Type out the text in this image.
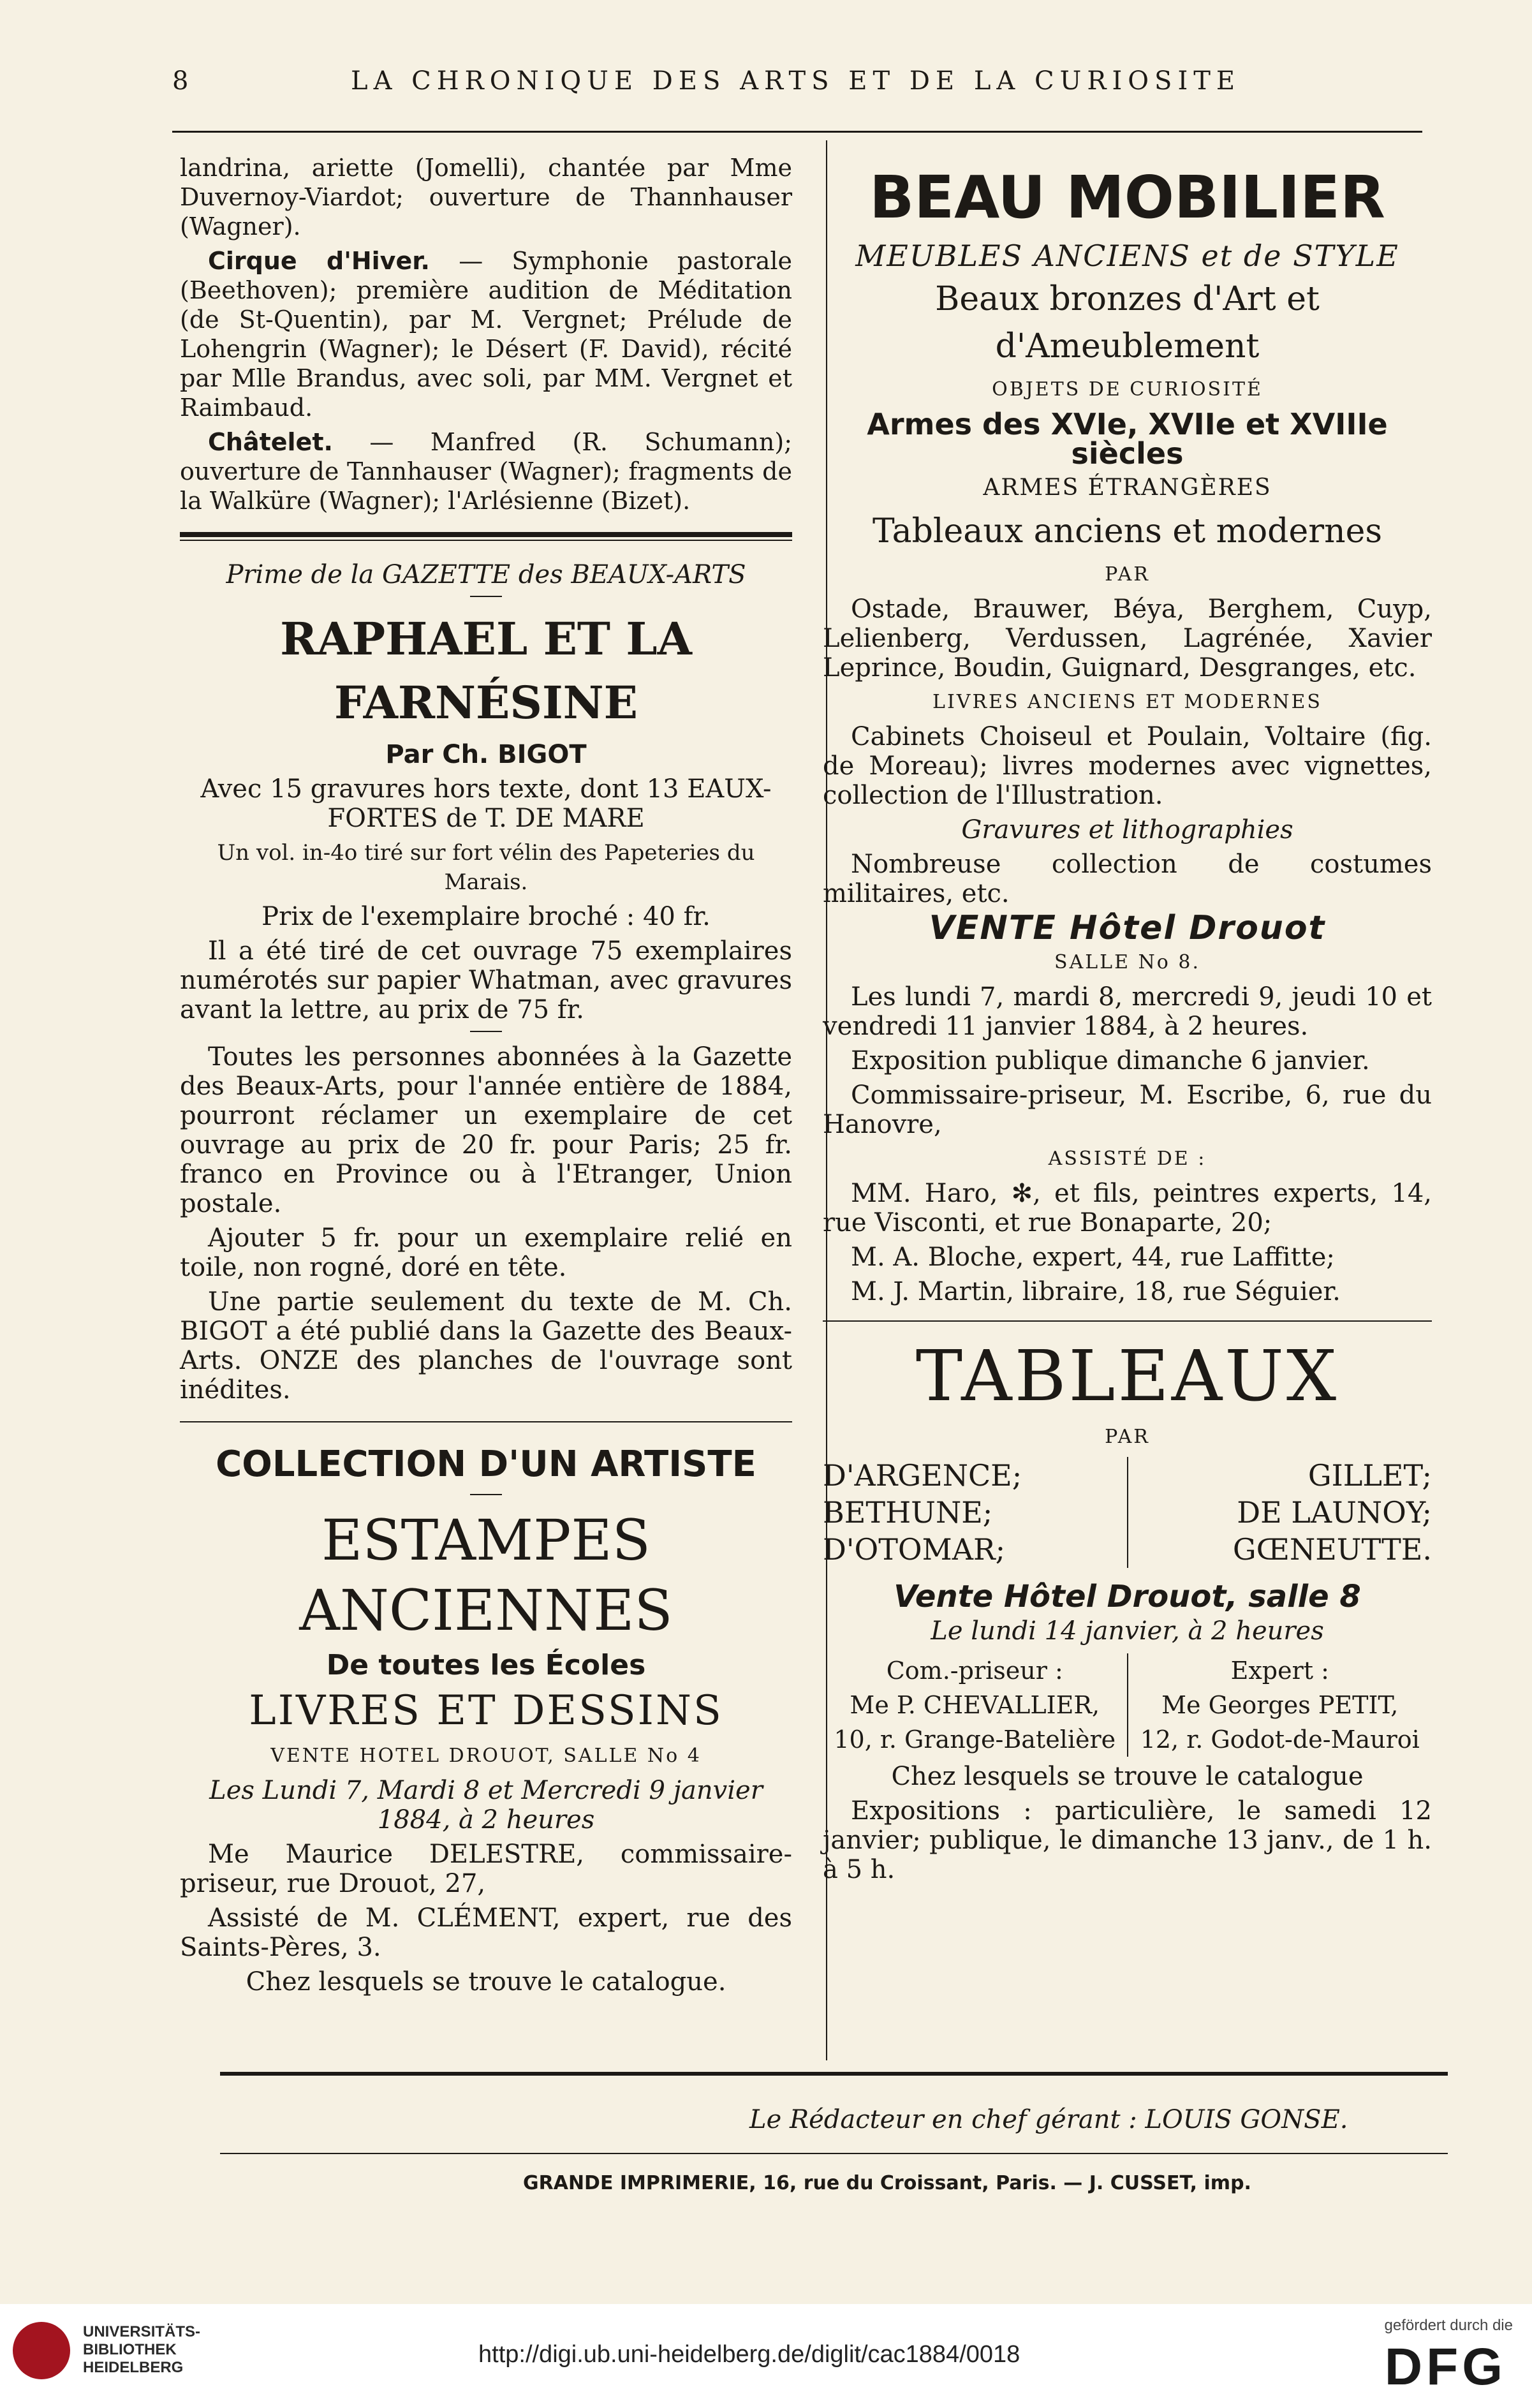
8	LA CHRONIQUE DES ARTS ET DE LA CURIOSITE

landrina, ariette (Jomelli), chantée par Mme Duvernoy-Viardot; ouverture de Thannhauser (Wagner).

Cirque d'Hiver. — Symphonie pastorale (Beethoven); première audition de Méditation (de St-Quentin), par M. Vergnet; Prélude de Lohengrin (Wagner); le Désert (F. David), récité par Mlle Brandus, avec soli, par MM. Vergnet et Raimbaud.

Châtelet. — Manfred (R. Schumann); ouverture de Tannhauser (Wagner); fragments de la Walküre (Wagner); l'Arlésienne (Bizet).

Prime de la GAZETTE des BEAUX-ARTS

RAPHAEL ET LA FARNÉSINE

Par Ch. BIGOT

Avec 15 gravures hors texte, dont 13 EAUX-FORTES de T. DE MARE

Un vol. in-4o tiré sur fort vélin des Papeteries du Marais.

Prix de l'exemplaire broché : 40 fr.

Il a été tiré de cet ouvrage 75 exemplaires numérotés sur papier Whatman, avec gravures avant la lettre, au prix de 75 fr.

Toutes les personnes abonnées à la Gazette des Beaux-Arts, pour l'année entière de 1884, pourront réclamer un exemplaire de cet ouvrage au prix de 20 fr. pour Paris; 25 fr. franco en Province ou à l'Etranger, Union postale.

Ajouter 5 fr. pour un exemplaire relié en toile, non rogné, doré en tête.

Une partie seulement du texte de M. Ch. BIGOT a été publié dans la Gazette des Beaux-Arts. ONZE des planches de l'ouvrage sont inédites.

COLLECTION D'UN ARTISTE

ESTAMPES ANCIENNES

De toutes les Écoles

LIVRES ET DESSINS

VENTE HOTEL DROUOT, SALLE No 4

Les Lundi 7, Mardi 8 et Mercredi 9 janvier 1884, à 2 heures

Me Maurice DELESTRE, commissaire-priseur, rue Drouot, 27,

Assisté de M. CLÉMENT, expert, rue des Saints-Pères, 3.

Chez lesquels se trouve le catalogue.

BEAU MOBILIER

MEUBLES ANCIENS et de STYLE

Beaux bronzes d'Art et d'Ameublement

OBJETS DE CURIOSITÉ

Armes des XVIe, XVIIe et XVIIIe siècles

ARMES ÉTRANGÈRES

Tableaux anciens et modernes

PAR

Ostade, Brauwer, Béya, Berghem, Cuyp, Lelienberg, Verdussen, Lagrénée, Xavier Leprince, Boudin, Guignard, Desgranges, etc.

LIVRES ANCIENS ET MODERNES

Cabinets Choiseul et Poulain, Voltaire (fig. de Moreau); livres modernes avec vignettes, collection de l'Illustration.

Gravures et lithographies

Nombreuse collection de costumes militaires, etc.

VENTE Hôtel Drouot

SALLE No 8.

Les lundi 7, mardi 8, mercredi 9, jeudi 10 et vendredi 11 janvier 1884, à 2 heures.

Exposition publique dimanche 6 janvier.

Commissaire-priseur, M. Escribe, 6, rue du Hanovre,

ASSISTÉ DE :

MM. Haro, ✻, et fils, peintres experts, 14, rue Visconti, et rue Bonaparte, 20;

M. A. Bloche, expert, 44, rue Laffitte;

M. J. Martin, libraire, 18, rue Séguier.

TABLEAUX

PAR

D'ARGENCE;
BETHUNE;
D'OTOMAR;
GILLET;
DE LAUNOY;
GŒNEUTTE.

Vente Hôtel Drouot, salle 8

Le lundi 14 janvier, à 2 heures

Com.-priseur :
Me P. CHEVALLIER,
10, r. Grange-Batelière
Expert :
Me Georges PETIT,
12, r. Godot-de-Mauroi

Chez lesquels se trouve le catalogue

Expositions : particulière, le samedi 12 janvier; publique, le dimanche 13 janv., de 1 h. à 5 h.

Le Rédacteur en chef gérant : LOUIS GONSE.
GRANDE IMPRIMERIE, 16, rue du Croissant, Paris. — J. CUSSET, imp.
UNIVERSITÄTS-
BIBLIOTHEK
HEIDELBERG	http://digi.ub.uni-heidelberg.de/diglit/cac1884/0018
gefördert durch die
DFG
